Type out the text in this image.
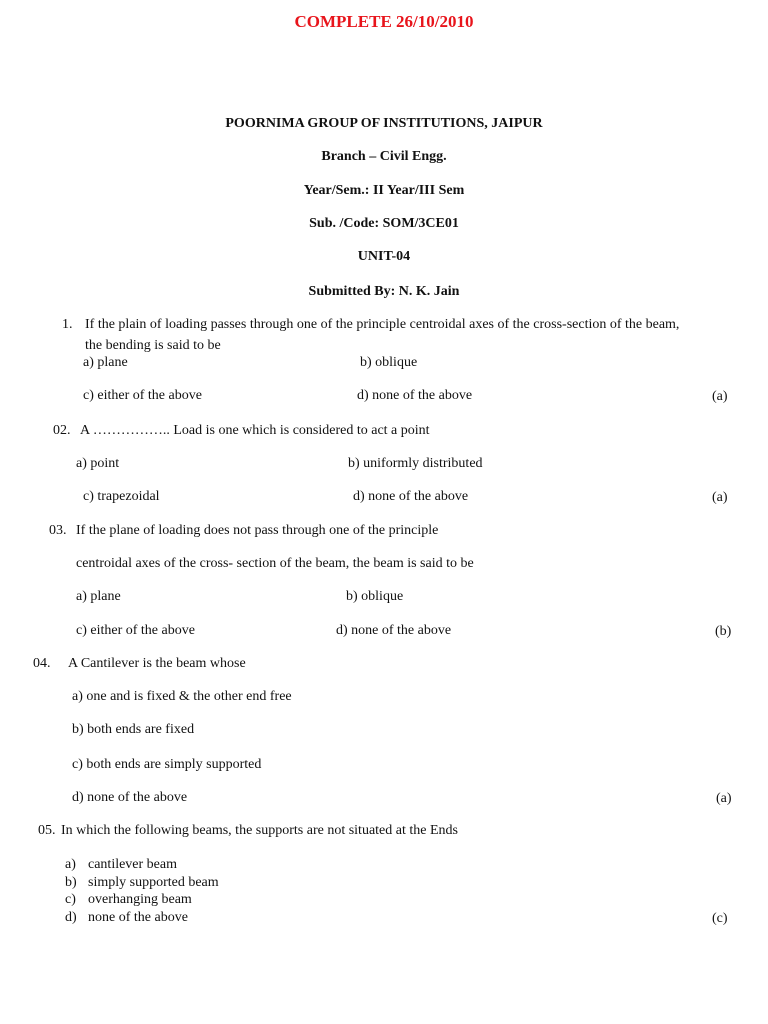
COMPLETE 26/10/2010
POORNIMA GROUP OF INSTITUTIONS, JAIPUR
Branch – Civil Engg.
Year/Sem.: II Year/III Sem
Sub. /Code: SOM/3CE01
UNIT-04
Submitted By: N. K. Jain
1. If the plain of loading passes through one of the principle centroidal axes of the cross-section of the beam,
the bending is said to be
a) plane	b) oblique
c) either of the above	d) none of the above	(a)
02. A …………….. Load is one which is considered to act a point
a) point	b) uniformly distributed
c) trapezoidal	d) none of the above	(a)
03. If the plane of loading does not pass through one of the principle
centroidal axes of the cross- section of the beam, the beam is said to be
a) plane	b) oblique
c) either of the above	d) none of the above	(b)
04. A Cantilever is the beam whose
a) one and is fixed & the other end free
b) both ends are fixed
c) both ends are simply supported
d) none of the above	(a)
05. In which the following beams, the supports are not situated at the Ends
a) cantilever beam
b) simply supported beam
c) overhanging beam
d) none of the above	(c)
